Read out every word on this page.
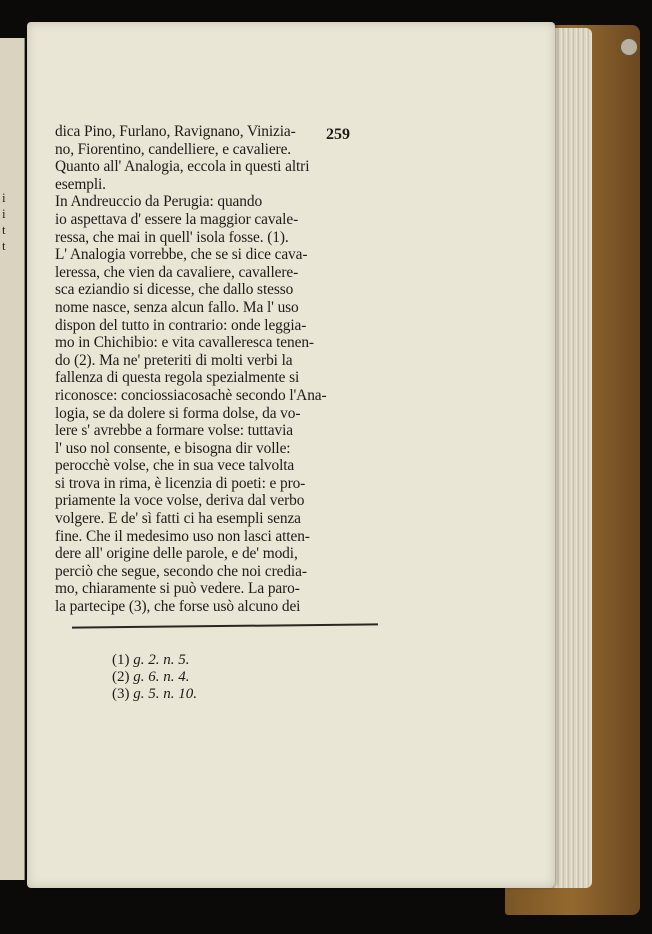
i
i
t
t
259
dica Pino, Furlano, Ravignano, Vinizia-
no, Fiorentino, candelliere, e cavaliere.
Quanto all' Analogia, eccola in questi altri
esempli.
In Andreuccio da Perugia: quando
io aspettava d' essere la maggior cavale-
ressa, che mai in quell' isola fosse. (1).
L' Analogia vorrebbe, che se si dice cava-
leressa, che vien da cavaliere, cavallere-
sca eziandio si dicesse, che dallo stesso
nome nasce, senza alcun fallo. Ma l' uso
dispon del tutto in contrario: onde leggia-
mo in Chichibio: e vita cavalleresca tenen-
do (2). Ma ne' preteriti di molti verbi la
fallenza di questa regola spezialmente si
riconosce: conciossiacosachè secondo l'Ana-
logia, se da dolere si forma dolse, da vo-
lere s' avrebbe a formare volse: tuttavia
l' uso nol consente, e bisogna dir volle:
perocchè volse, che in sua vece talvolta
si trova in rima, è licenzia di poeti: e pro-
priamente la voce volse, deriva dal verbo
volgere. E de' sì fatti ci ha esempli senza
fine. Che il medesimo uso non lasci atten-
dere all' origine delle parole, e de' modi,
perciò che segue, secondo che noi credia-
mo, chiaramente si può vedere. La paro-
la partecipe (3), che forse usò alcuno dei
(1) g. 2. n. 5.
(2) g. 6. n. 4.
(3) g. 5. n. 10.
